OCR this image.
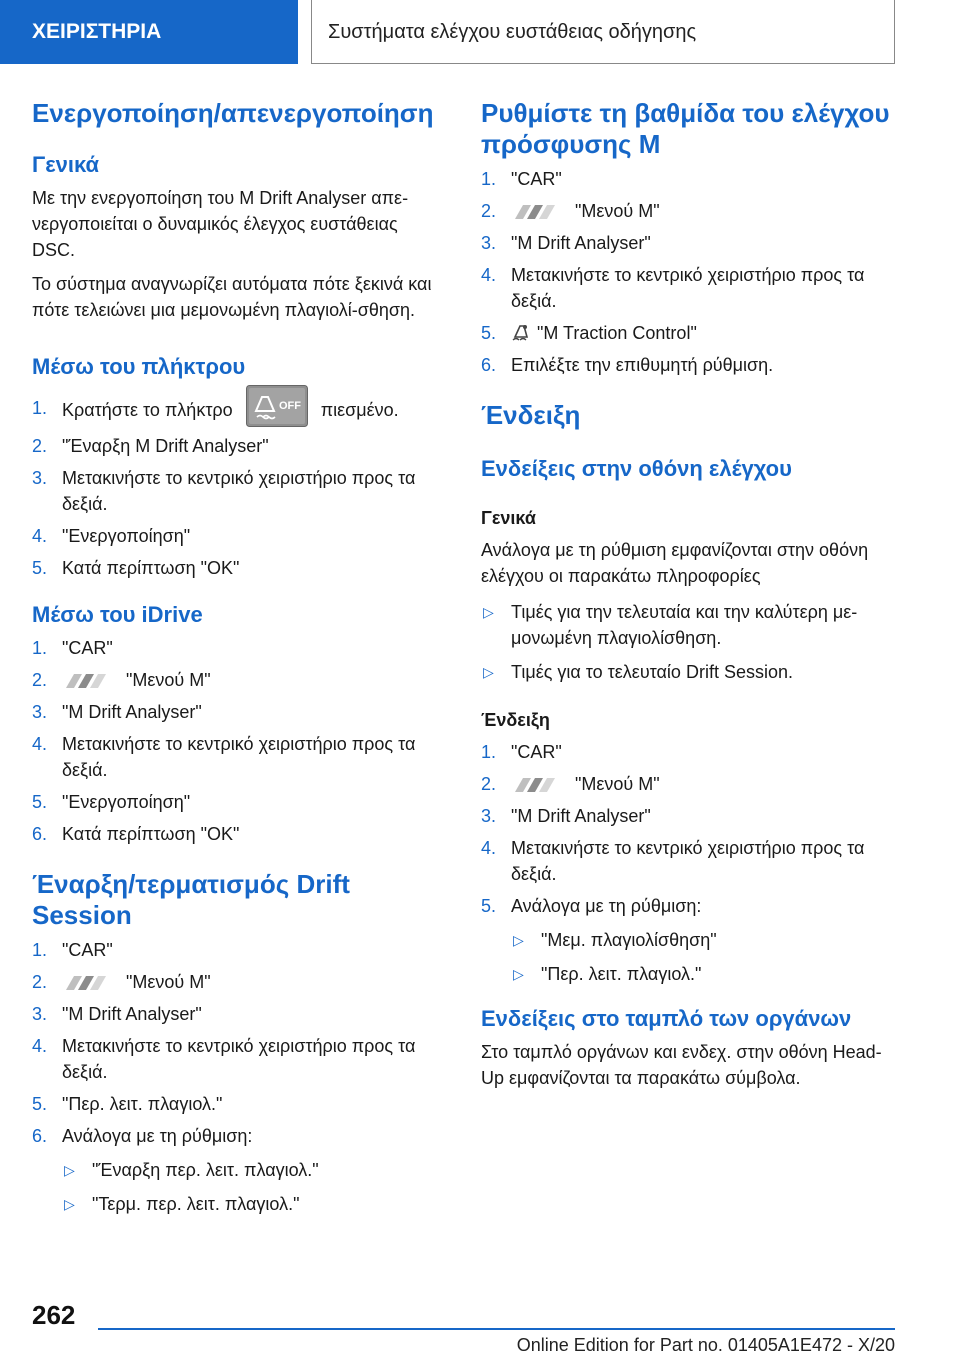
ΧΕΙΡΙΣΤΗΡΙΑ	Συστήματα ελέγχου ευστάθειας οδήγησης
Ενεργοποίηση/απενεργοποίηση
Γενικά
Με την ενεργοποίηση του M Drift Analyser απε-νεργοποιείται ο δυναμικός έλεγχος ευστάθειας DSC.
Το σύστημα αναγνωρίζει αυτόματα πότε ξεκινά και πότε τελειώνει μια μεμονωμένη πλαγιολί-σθηση.
Μέσω του πλήκτρου
1. Κρατήστε το πλήκτρο	OFF πιεσμένο.
2. "Έναρξη M Drift Analyser"
3. Μετακινήστε το κεντρικό χειριστήριο προς τα δεξιά.
4. "Ενεργοποίηση"
5. Κατά περίπτωση "OK"
Μέσω του iDrive
1. "CAR"
2.	"Μενού M"
3. "M Drift Analyser"
4. Μετακινήστε το κεντρικό χειριστήριο προς τα δεξιά.
5. "Ενεργοποίηση"
6. Κατά περίπτωση "OK"
Έναρξη/τερματισμός Drift Session
1. "CAR"
2.	"Μενού M"
3. "M Drift Analyser"
4. Μετακινήστε το κεντρικό χειριστήριο προς τα δεξιά.
5. "Περ. λειτ. πλαγιολ."
6. Ανάλογα με τη ρύθμιση:
▷ "Έναρξη περ. λειτ. πλαγιολ."
▷ "Τερμ. περ. λειτ. πλαγιολ."
Ρυθμίστε τη βαθμίδα του ελέγχου πρόσφυσης M
1. "CAR"
2.	"Μενού M"
3. "M Drift Analyser"
4. Μετακινήστε το κεντρικό χειριστήριο προς τα δεξιά.
5. "M Traction Control"
6. Επιλέξτε την επιθυμητή ρύθμιση.
Ένδειξη
Ενδείξεις στην οθόνη ελέγχου
Γενικά
Ανάλογα με τη ρύθμιση εμφανίζονται στην οθόνη ελέγχου οι παρακάτω πληροφορίες
▷ Τιμές για την τελευταία και την καλύτερη με-μονωμένη πλαγιολίσθηση.
▷ Τιμές για το τελευταίο Drift Session.
Ένδειξη
1. "CAR"
2.	"Μενού M"
3. "M Drift Analyser"
4. Μετακινήστε το κεντρικό χειριστήριο προς τα δεξιά.
5. Ανάλογα με τη ρύθμιση:
▷ "Μεμ. πλαγιολίσθηση"
▷ "Περ. λειτ. πλαγιολ."
Ενδείξεις στο ταμπλό των οργάνων
Στο ταμπλό οργάνων και ενδεχ. στην οθόνη Head-Up εμφανίζονται τα παρακάτω σύμβολα.
262
Online Edition for Part no. 01405A1E472 - X/20
